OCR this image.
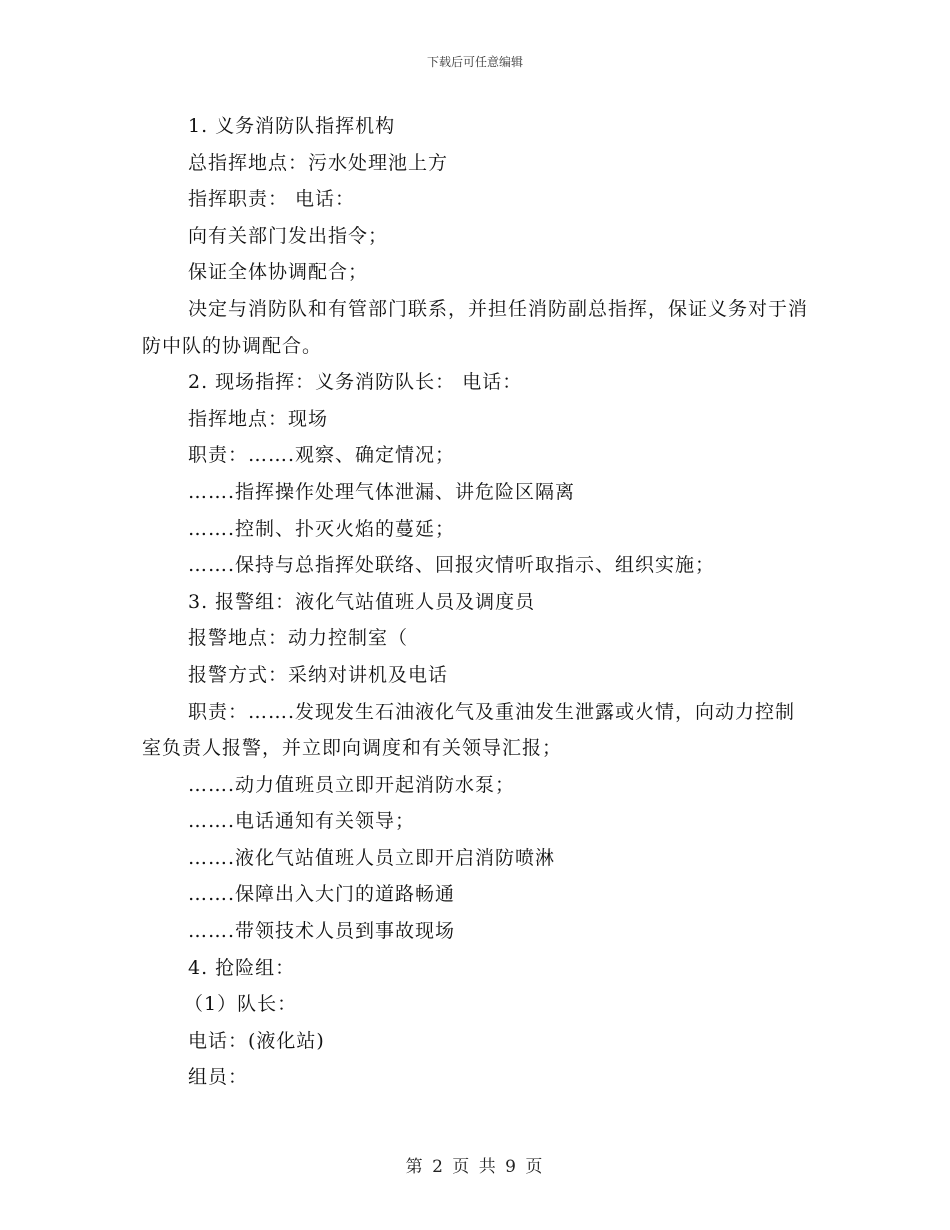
下载后可任意编辑
1. 义务消防队指挥机构
总指挥地点：污水处理池上方
指挥职责： 电话：
向有关部门发出指令；
保证全体协调配合；
决定与消防队和有管部门联系，并担任消防副总指挥，保证义务对于消防中队的协调配合。
2. 现场指挥：义务消防队长： 电话：
指挥地点：现场
职责：…….观察、确定情况；
…….指挥操作处理气体泄漏、讲危险区隔离
…….控制、扑灭火焰的蔓延；
…….保持与总指挥处联络、回报灾情听取指示、组织实施；
3. 报警组：液化气站值班人员及调度员
报警地点：动力控制室（
报警方式：采纳对讲机及电话
职责：…….发现发生石油液化气及重油发生泄露或火情，向动力控制室负责人报警，并立即向调度和有关领导汇报；
…….动力值班员立即开起消防水泵；
…….电话通知有关领导；
…….液化气站值班人员立即开启消防喷淋
…….保障出入大门的道路畅通
…….带领技术人员到事故现场
4. 抢险组：
（1）队长：
电话：(液化站)
组员：
第 2 页 共 9 页
